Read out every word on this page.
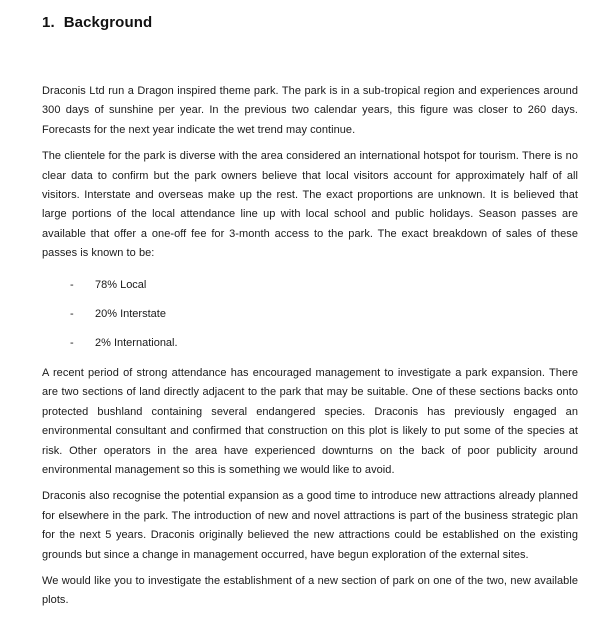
1. Background

Draconis Ltd run a Dragon inspired theme park. The park is in a sub-tropical region and experiences around 300 days of sunshine per year. In the previous two calendar years, this figure was closer to 260 days. Forecasts for the next year indicate the wet trend may continue.

The clientele for the park is diverse with the area considered an international hotspot for tourism. There is no clear data to confirm but the park owners believe that local visitors account for approximately half of all visitors. Interstate and overseas make up the rest. The exact proportions are unknown. It is believed that large portions of the local attendance line up with local school and public holidays. Season passes are available that offer a one-off fee for 3-month access to the park. The exact breakdown of sales of these passes is known to be:

-	78% Local
-	20% Interstate
-	2% International.

A recent period of strong attendance has encouraged management to investigate a park expansion. There are two sections of land directly adjacent to the park that may be suitable. One of these sections backs onto protected bushland containing several endangered species. Draconis has previously engaged an environmental consultant and confirmed that construction on this plot is likely to put some of the species at risk. Other operators in the area have experienced downturns on the back of poor publicity around environmental management so this is something we would like to avoid.

Draconis also recognise the potential expansion as a good time to introduce new attractions already planned for elsewhere in the park. The introduction of new and novel attractions is part of the business strategic plan for the next 5 years. Draconis originally believed the new attractions could be established on the existing grounds but since a change in management occurred, have begun exploration of the external sites.

We would like you to investigate the establishment of a new section of park on one of the two, new available plots.
